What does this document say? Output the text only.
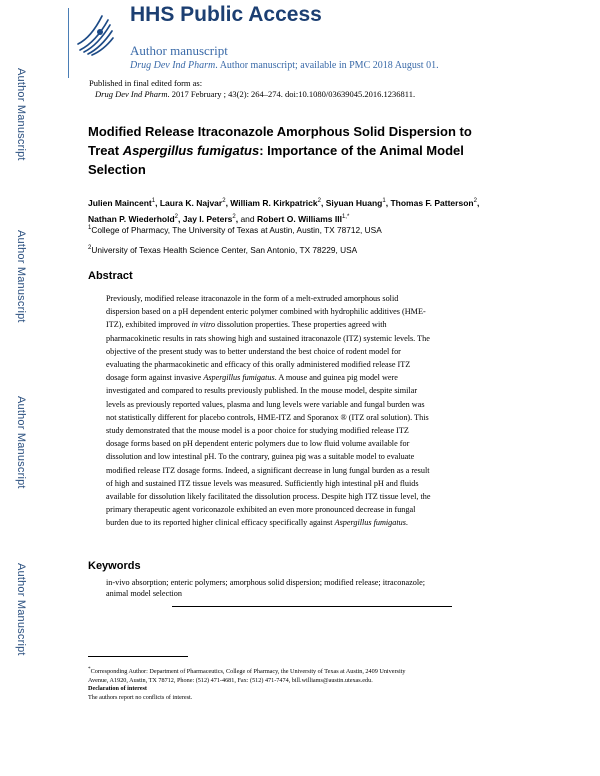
Author Manuscript
Author Manuscript
Author Manuscript
Author Manuscript
HHS Public Access
Author manuscript
Drug Dev Ind Pharm. Author manuscript; available in PMC 2018 August 01.
Published in final edited form as:
Drug Dev Ind Pharm. 2017 February ; 43(2): 264–274. doi:10.1080/03639045.2016.1236811.
Modified Release Itraconazole Amorphous Solid Dispersion to
Treat Aspergillus fumigatus: Importance of the Animal Model
Selection
Julien Maincent$^1$, Laura K. Najvar$^2$, William R. Kirkpatrick$^2$, Siyuan Huang$^1$, Thomas F. Patterson$^2$, Nathan P. Wiederhold$^2$, Jay I. Peters$^2$, and Robert O. Williams $III^{1,*}$
$^1$College of Pharmacy, The University of Texas at Austin, Austin, TX 78712, USA
$^2$University of Texas Health Science Center, San Antonio, TX 78229, USA
Abstract
Previously, modified release itraconazole in the form of a melt-extruded amorphous solid
dispersion based on a pH dependent enteric polymer combined with hydrophilic additives (HME-
ITZ), exhibited improved in vitro dissolution properties. These properties agreed with
pharmacokinetic results in rats showing high and sustained itraconazole (ITZ) systemic levels. The
objective of the present study was to better understand the best choice of rodent model for
evaluating the pharmacokinetic and efficacy of this orally administered modified release ITZ
dosage form against invasive Aspergillus fumigatus. A mouse and guinea pig model were
investigated and compared to results previously published. In the mouse model, despite similar
levels as previously reported values, plasma and lung levels were variable and fungal burden was
not statistically different for placebo controls, HME-ITZ and Sporanox ® (ITZ oral solution). This
study demonstrated that the mouse model is a poor choice for studying modified release ITZ
dosage forms based on pH dependent enteric polymers due to low fluid volume available for
dissolution and low intestinal pH. To the contrary, guinea pig was a suitable model to evaluate
modified release ITZ dosage forms. Indeed, a significant decrease in lung fungal burden as a result
of high and sustained ITZ tissue levels was measured. Sufficiently high intestinal pH and fluids
available for dissolution likely facilitated the dissolution process. Despite high ITZ tissue level, the
primary therapeutic agent voriconazole exhibited an even more pronounced decrease in fungal
burden due to its reported higher clinical efficacy specifically against Aspergillus fumigatus.
Keywords
in-vivo absorption; enteric polymers; amorphous solid dispersion; modified release; itraconazole;
animal model selection
*Corresponding Author: Department of Pharmaceutics, College of Pharmacy, the University of Texas at Austin, 2409 University
Avenue, A1920, Austin, TX 78712, Phone: (512) 471-4681, Fax: (512) 471-7474, bill.williams@austin.utexas.edu.
Declaration of interest
The authors report no conflicts of interest.
